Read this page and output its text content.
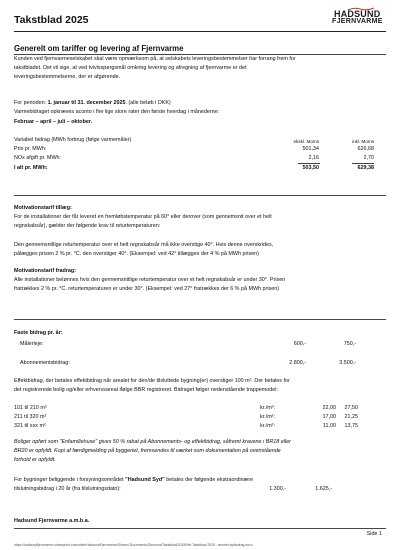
Takstblad 2025	HADSUND
FJERNVARME
Generelt om tariffer og levering af Fjernvarme
Kunden ved fjernvarmeselskabet skal være opmærksom på, at selskabets leveringsbestemmelser har forrang frem for
takstbladet. Det vil sige, at ved tvivlsspørgsmål omkring levering og afregning af fjernvarme er det
leveringsbestemmelserne, der er afgørende.
For perioden: 1. januar til 31. december 2025. (alle beløb i DKK)
Varmebidraget opkræves aconto i fire lige store rater den første hverdag i månederne:
Februar – april – juli – oktober.
Variabel bidrag (MWh forbrug (følge varmemåler)	ekskl. Moms	inkl. Moms
Pris pr. MWh:	501,34	626,68
NOx afgift pr. MWh:	2,16	2,70
I alt pr. MWh:	503,50	629,38
Motivationstarif tillæg:
For de installationer der får leveret en fremløbstemperatur på 60° eller derover (som gennemsnit over et helt
regnskabsår), gælder der følgende krav til returtemperaturen:
Den gennemsnitlige returtemperatur over et helt regnskabsår må ikke overstige 40°. Hvis denne overskrides,
pålægges prisen 2 % pr. °C. den overstiger 40°. (Eksempel: ved 42° tillægges der 4 % på MWh prisen)
Motivationstarif fradrag:
Alle installationer belønnes hvis den gennemsnitlige returtemperatur over et helt regnskabsår er under 30°. Prisen
fratrækkes 2 % pr. °C. returtemperaturen er under 30°. (Eksempel: ved 27° fratrækkes der 6 % på MWh prisen)
Faste bidrag pr. år:
Målerleje:	600,-	750,-
Abonnementsbidrag:	2.800,-	3.500,-
Effektbidrag, der betales effektbidrag når arealet for den/de tilsluttede bygning(er) overstiger 100 m². Der betales for
det registrerede bolig og/eller erhvervsareal ifølge BBR registreret. Bidraget følger nedenstående trappemodel:
101 til 210 m²	kr./m²:	22,00	27,50
211 til 320 m²	kr./m²:	17,00	21,25
321 til xxx m²	kr./m²:	11,00	13,75
Boliger opført som "Enfamiliehuse" gives 50 % rabat på Abonnements- og effektbidrag, såfremt kravene i BR18 eller
BR20 er opfyldt. Kopi af færdigmelding på byggeriet, fremsendes til værket som dokumentation på ovenstående
forhold er opfyldt.
For bygninger beliggende i forsyningsområdet "Hadsund Syd" betales der følgende ekstraordinære
tilslutningsbidrag i 20 år (fra tilslutningsdato):	1.300,-	1.625,-
Hadsund Fjernvarme a.m.b.a.
Side 1
https://hadsundfjernvarme.sharepoint.com/sites/HadsundFjernvarme/Shared Documents/Okonomi/Takstblad/2025/Ret Takstblad 2025 - ændret sydbidrag.docx
